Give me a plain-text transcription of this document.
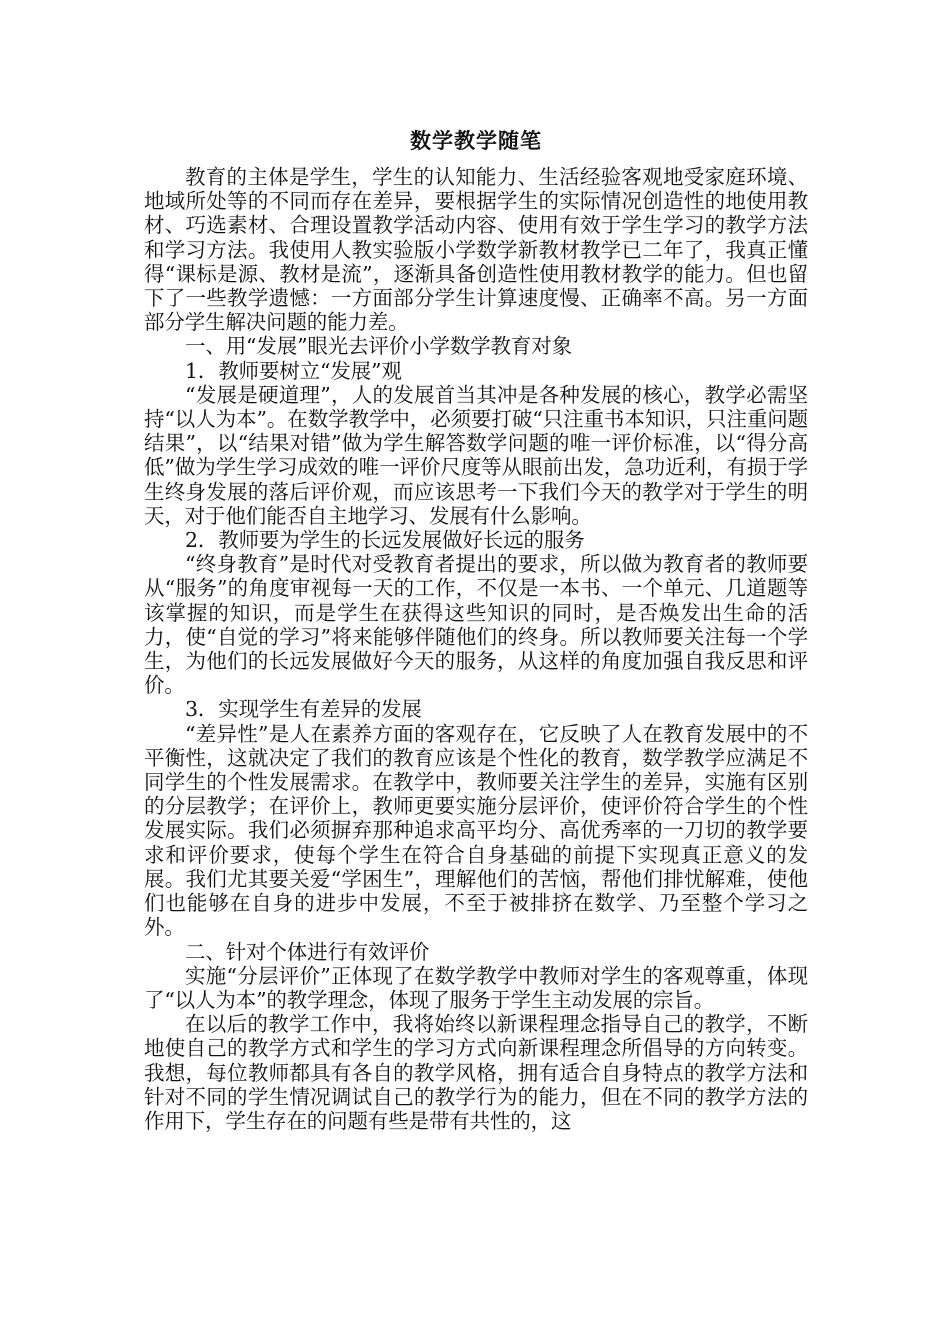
数学教学随笔

教育的主体是学生，学生的认知能力、生活经验客观地受家庭环境、地域所处等的不同而存在差异，要根据学生的实际情况创造性的地使用教材、巧选素材、合理设置教学活动内容、使用有效于学生学习的教学方法和学习方法。我使用人教实验版小学数学新教材教学已二年了，我真正懂得“课标是源、教材是流”，逐渐具备创造性使用教材教学的能力。但也留下了一些教学遗憾：一方面部分学生计算速度慢、正确率不高。另一方面部分学生解决问题的能力差。

一、用“发展”眼光去评价小学数学教育对象

1．教师要树立“发展”观

“发展是硬道理”，人的发展首当其冲是各种发展的核心，教学必需坚持“以人为本”。在数学教学中，必须要打破“只注重书本知识，只注重问题结果”，以“结果对错”做为学生解答数学问题的唯一评价标准，以“得分高低”做为学生学习成效的唯一评价尺度等从眼前出发，急功近利，有损于学生终身发展的落后评价观，而应该思考一下我们今天的教学对于学生的明天，对于他们能否自主地学习、发展有什么影响。

2．教师要为学生的长远发展做好长远的服务

“终身教育”是时代对受教育者提出的要求，所以做为教育者的教师要从“服务”的角度审视每一天的工作，不仅是一本书、一个单元、几道题等该掌握的知识，而是学生在获得这些知识的同时，是否焕发出生命的活力，使“自觉的学习”将来能够伴随他们的终身。所以教师要关注每一个学生，为他们的长远发展做好今天的服务，从这样的角度加强自我反思和评价。

3．实现学生有差异的发展

“差异性”是人在素养方面的客观存在，它反映了人在教育发展中的不平衡性，这就决定了我们的教育应该是个性化的教育，数学教学应满足不同学生的个性发展需求。在教学中，教师要关注学生的差异，实施有区别的分层教学；在评价上，教师更要实施分层评价，使评价符合学生的个性发展实际。我们必须摒弃那种追求高平均分、高优秀率的一刀切的教学要求和评价要求，使每个学生在符合自身基础的前提下实现真正意义的发展。我们尤其要关爱“学困生”，理解他们的苦恼，帮他们排忧解难，使他们也能够在自身的进步中发展，不至于被排挤在数学、乃至整个学习之外。

二、针对个体进行有效评价

实施“分层评价”正体现了在数学教学中教师对学生的客观尊重，体现了“以人为本”的教学理念，体现了服务于学生主动发展的宗旨。

在以后的教学工作中，我将始终以新课程理念指导自己的教学，不断地使自己的教学方式和学生的学习方式向新课程理念所倡导的方向转变。我想，每位教师都具有各自的教学风格，拥有适合自身特点的教学方法和针对不同的学生情况调试自己的教学行为的能力，但在不同的教学方法的作用下，学生存在的问题有些是带有共性的，这
